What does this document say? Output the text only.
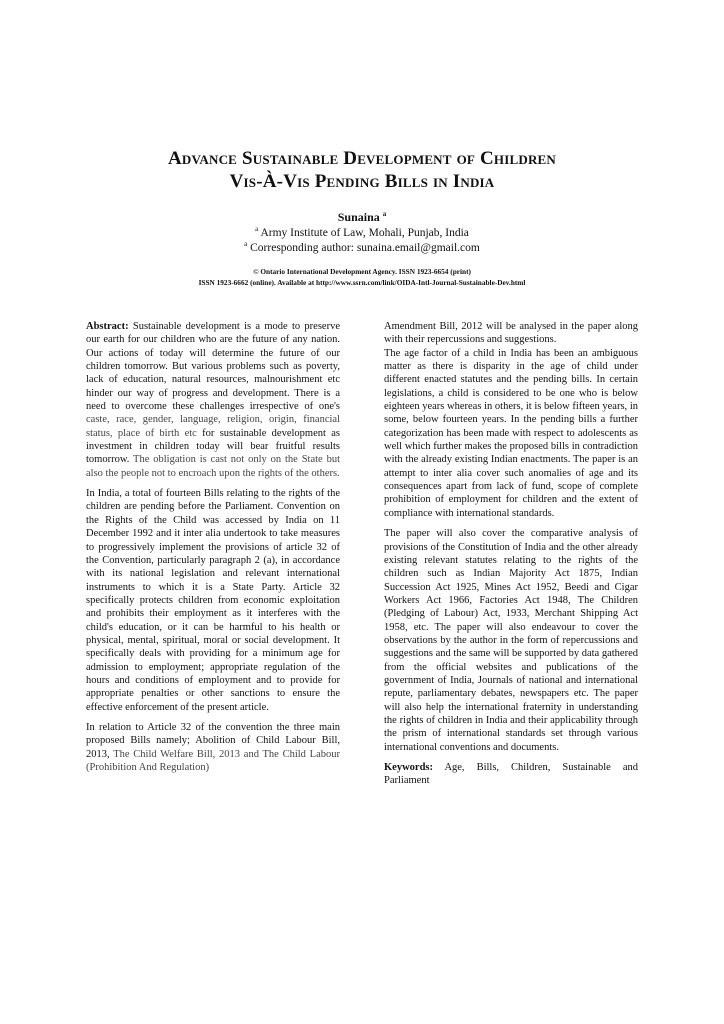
Advance Sustainable Development of Children
Vis-À-Vis Pending Bills in India
Sunaina $^a$
$^a$ Army Institute of Law, Mohali, Punjab, India
$^a$ Corresponding author: sunaina.email@gmail.com
© Ontario International Development Agency. ISSN 1923-6654 (print)
ISSN 1923-6662 (online). Available at http://www.ssrn.com/link/OIDA-Intl-Journal-Sustainable-Dev.html

Abstract: Sustainable development is a mode to preserve our earth for our children who are the future of any nation. Our actions of today will determine the future of our children tomorrow. But various problems such as poverty, lack of education, natural resources, malnourishment etc hinder our way of progress and development. There is a need to overcome these challenges irrespective of one's caste, race, gender, language, religion, origin, financial status, place of birth etc for sustainable development as investment in children today will bear fruitful results tomorrow. The obligation is cast not only on the State but also the people not to encroach upon the rights of the others.

In India, a total of fourteen Bills relating to the rights of the children are pending before the Parliament. Convention on the Rights of the Child was accessed by India on 11 December 1992 and it inter alia undertook to take measures to progressively implement the provisions of article 32 of the Convention, particularly paragraph 2 (a), in accordance with its national legislation and relevant international instruments to which it is a State Party. Article 32 specifically protects children from economic exploitation and prohibits their employment as it interferes with the child's education, or it can be harmful to his health or physical, mental, spiritual, moral or social development. It specifically deals with providing for a minimum age for admission to employment; appropriate regulation of the hours and conditions of employment and to provide for appropriate penalties or other sanctions to ensure the effective enforcement of the present article.

In relation to Article 32 of the convention the three main proposed Bills namely; Abolition of Child Labour Bill, 2013, The Child Welfare Bill, 2013 and The Child Labour (Prohibition And Regulation)

Amendment Bill, 2012 will be analysed in the paper along with their repercussions and suggestions.

The age factor of a child in India has been an ambiguous matter as there is disparity in the age of child under different enacted statutes and the pending bills. In certain legislations, a child is considered to be one who is below eighteen years whereas in others, it is below fifteen years, in some, below fourteen years. In the pending bills a further categorization has been made with respect to adolescents as well which further makes the proposed bills in contradiction with the already existing Indian enactments. The paper is an attempt to inter alia cover such anomalies of age and its consequences apart from lack of fund, scope of complete prohibition of employment for children and the extent of compliance with international standards.

The paper will also cover the comparative analysis of provisions of the Constitution of India and the other already existing relevant statutes relating to the rights of the children such as Indian Majority Act 1875, Indian Succession Act 1925, Mines Act 1952, Beedi and Cigar Workers Act 1966, Factories Act 1948, The Children (Pledging of Labour) Act, 1933, Merchant Shipping Act 1958, etc. The paper will also endeavour to cover the observations by the author in the form of repercussions and suggestions and the same will be supported by data gathered from the official websites and publications of the government of India, Journals of national and international repute, parliamentary debates, newspapers etc. The paper will also help the international fraternity in understanding the rights of children in India and their applicability through the prism of international standards set through various international conventions and documents.

Keywords: Age, Bills, Children, Sustainable and Parliament
